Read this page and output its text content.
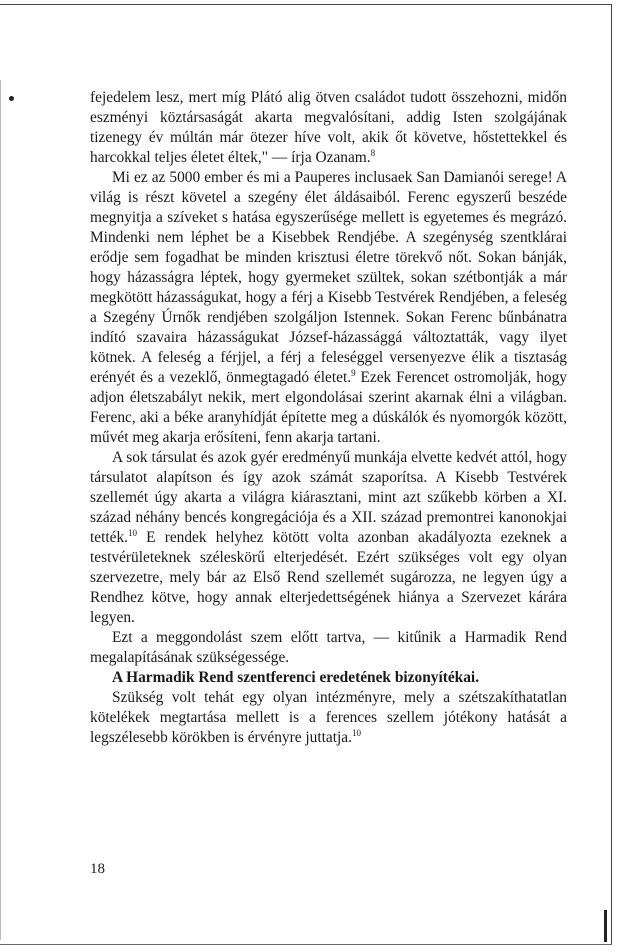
fejedelem lesz, mert míg Plátó alig ötven családot tudott összehozni, midőn eszményi köztársaságát akarta megvalósítani, addig Isten szolgájának tizenegy év múltán már ötezer híve volt, akik őt követve, hőstettekkel és harcokkal teljes életet éltek," — írja Ozanam.$^8$

Mi ez az 5000 ember és mi a Pauperes inclusaek San Damianói serege! A világ is részt követel a szegény élet áldásaiból. Ferenc egyszerű beszéde megnyitja a szíveket s hatása egyszerűsége mellett is egyetemes és megrázó. Mindenki nem léphet be a Kisebbek Rendjébe. A szegénység szentklárai erődje sem fogadhat be minden krisztusi életre törekvő nőt. Sokan bánják, hogy házasságra léptek, hogy gyermeket szültek, sokan szétbontják a már megkötött házasságukat, hogy a férj a Kisebb Testvérek Rendjében, a feleség a Szegény Úrnők rendjében szolgáljon Istennek. Sokan Ferenc bűnbánatra indító szavaira házasságukat József-házassággá változtatták, vagy ilyet kötnek. A feleség a férjjel, a férj a feleséggel versenyezve élik a tisztaság erényét és a vezeklő, önmegtagadó életet.$^9$ Ezek Ferencet ostromolják, hogy adjon életszabályt nekik, mert elgondolásai szerint akarnak élni a világban. Ferenc, aki a béke aranyhídját építette meg a dúskálók és nyomorgók között, művét meg akarja erősíteni, fenn akarja tartani.

A sok társulat és azok gyér eredményű munkája elvette kedvét attól, hogy társulatot alapítson és így azok számát szaporítsa. A Kisebb Testvérek szellemét úgy akarta a világra kiárasztani, mint azt szűkebb körben a XI. század néhány bencés kongregációja és a XII. század premontrei kanonokjai tették.$^{10}$ E rendek helyhez kötött volta azonban akadályozta ezeknek a testvérületeknek széleskörű elterjedését. Ezért szükséges volt egy olyan szervezetre, mely bár az Első Rend szellemét sugározza, ne legyen úgy a Rendhez kötve, hogy annak elterjedettségének hiánya a Szervezet kárára legyen.

Ezt a meggondolást szem előtt tartva, — kitűnik a Harmadik Rend megalapításának szükségessége.

A Harmadik Rend szentferenci eredetének bizonyítékai.

Szükség volt tehát egy olyan intézményre, mely a szétszakíthatatlan kötelékek megtartása mellett is a ferences szellem jótékony hatását a legszélesebb körökben is érvényre juttatja.$^{10}$

18
